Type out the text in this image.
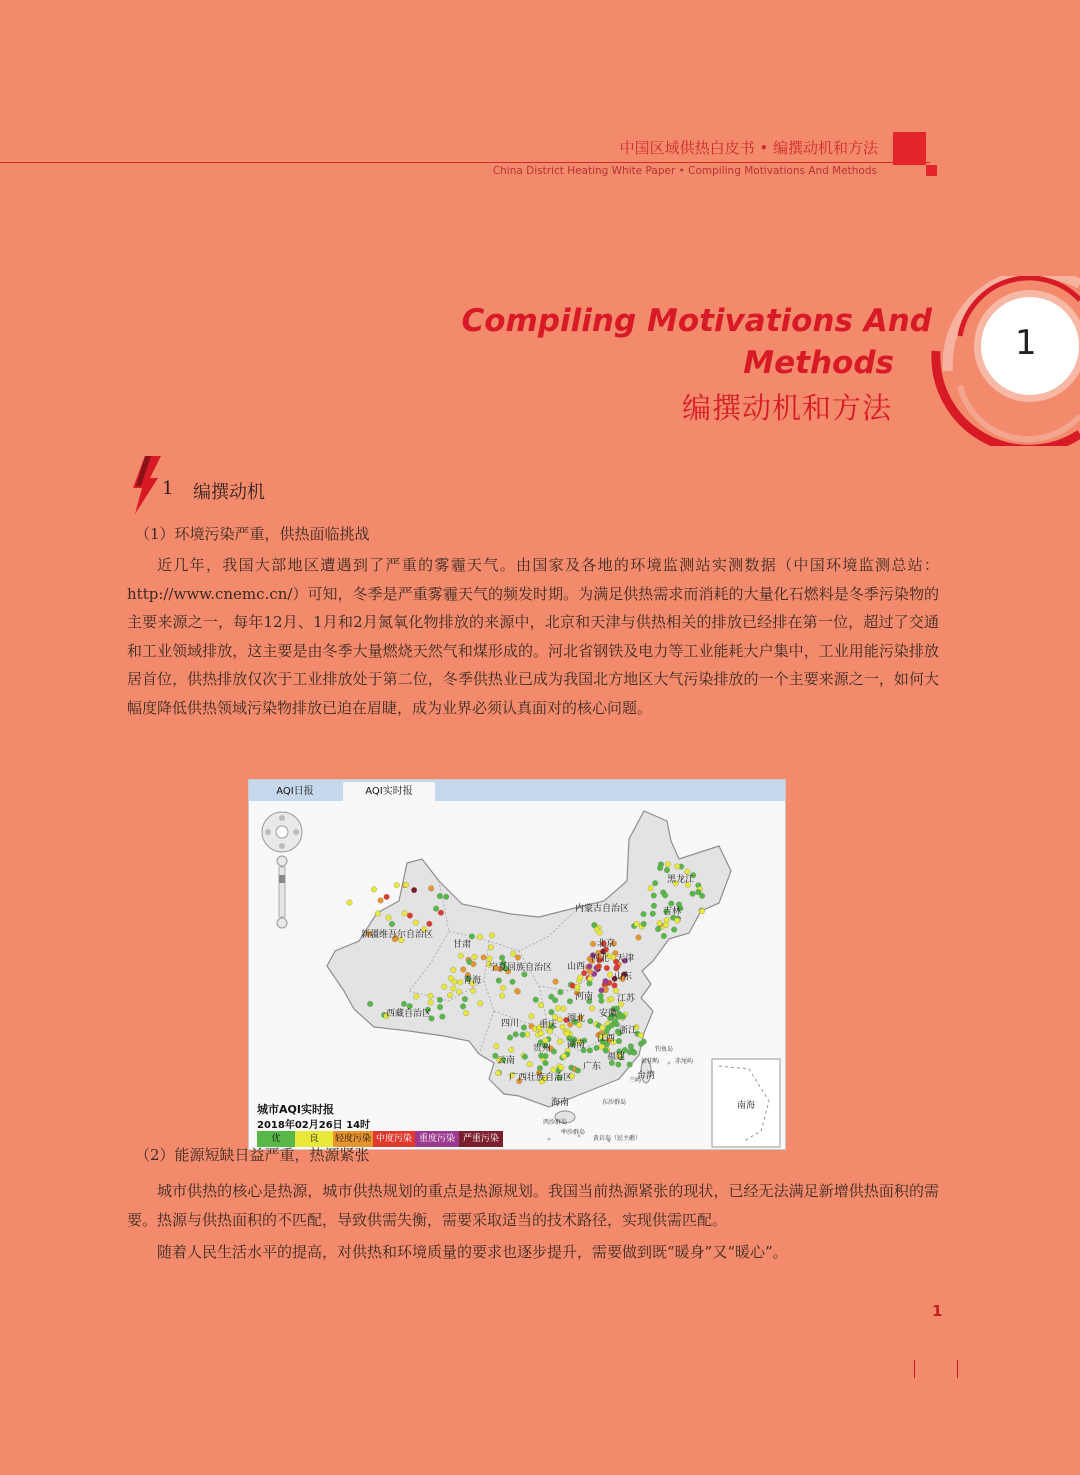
中国区域供热白皮书 • 编撰动机和方法
China District Heating White Paper • Compiling Motivations And Methods
Compiling Motivations And
Methods
编撰动机和方法
1
1 编撰动机
（1）环境污染严重，供热面临挑战

近几年，我国大部地区遭遇到了严重的雾霾天气。由国家及各地的环境监测站实测数据（中国环境监测总站：http://www.cnemc.cn/）可知，冬季是严重雾霾天气的频发时期。为满足供热需求而消耗的大量化石燃料是冬季污染物的主要来源之一，每年12月、1月和2月氮氧化物排放的来源中，北京和天津与供热相关的排放已经排在第一位，超过了交通和工业领域排放，这主要是由冬季大量燃烧天然气和煤形成的。河北省钢铁及电力等工业能耗大户集中，工业用能污染排放居首位，供热排放仅次于工业排放处于第二位，冬季供热业已成为我国北方地区大气污染排放的一个主要来源之一，如何大幅度降低供热领域污染物排放已迫在眉睫，成为业界必须认真面对的核心问题。

AQI日报	AQI实时报
新疆维吾尔自治区
西藏自治区
青海
甘肃
内蒙古自治区
黑龙江
吉林
宁夏回族自治区
北京
天津
山西
河北
山东
河南	江苏
四川	湖北 安徽
浙江
重庆
湖南
江西
贵州
福建
云南
广西壮族自治区
广东
台湾
海南	南海
东沙群岛
西沙群岛
中沙群岛
黄岩岛（民主礁）
钓鱼岛
赤尾屿
彭佳屿
兰屿
城市AQI实时报
2018年02月26日 14时
优	良	轻度污染 中度污染 重度污染 严重污染
（2）能源短缺日益严重，热源紧张

城市供热的核心是热源，城市供热规划的重点是热源规划。我国当前热源紧张的现状，已经无法满足新增供热面积的需要。热源与供热面积的不匹配，导致供需失衡，需要采取适当的技术路径，实现供需匹配。

随着人民生活水平的提高，对供热和环境质量的要求也逐步提升，需要做到既“暖身”又“暖心”。

1
